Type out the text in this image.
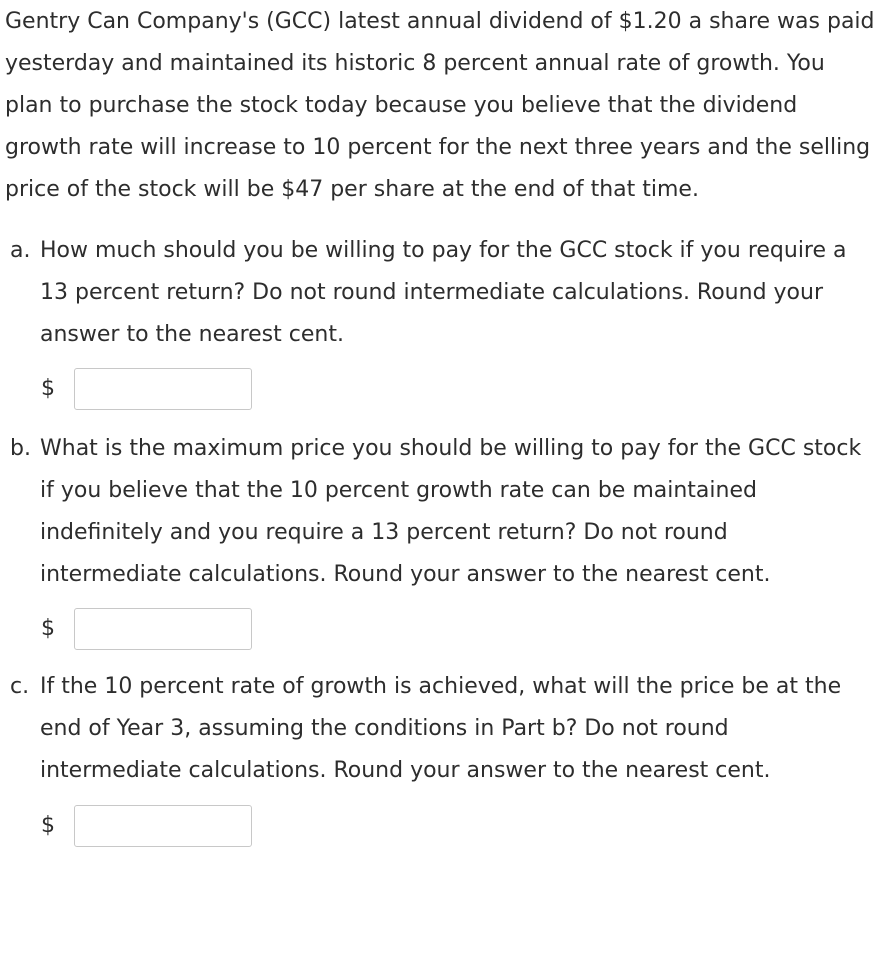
Gentry Can Company's (GCC) latest annual dividend of $1.20 a share was paid yesterday and maintained its historic 8 percent annual rate of growth. You plan to purchase the stock today because you believe that the dividend growth rate will increase to 10 percent for the next three years and the selling price of the stock will be $47 per share at the end of that time.

a. How much should you be willing to pay for the GCC stock if you require a 13 percent return? Do not round intermediate calculations. Round your answer to the nearest cent.
$
b. What is the maximum price you should be willing to pay for the GCC stock if you believe that the 10 percent growth rate can be maintained indefinitely and you require a 13 percent return? Do not round intermediate calculations. Round your answer to the nearest cent.
$
c. If the 10 percent rate of growth is achieved, what will the price be at the end of Year 3, assuming the conditions in Part b? Do not round intermediate calculations. Round your answer to the nearest cent.
$
